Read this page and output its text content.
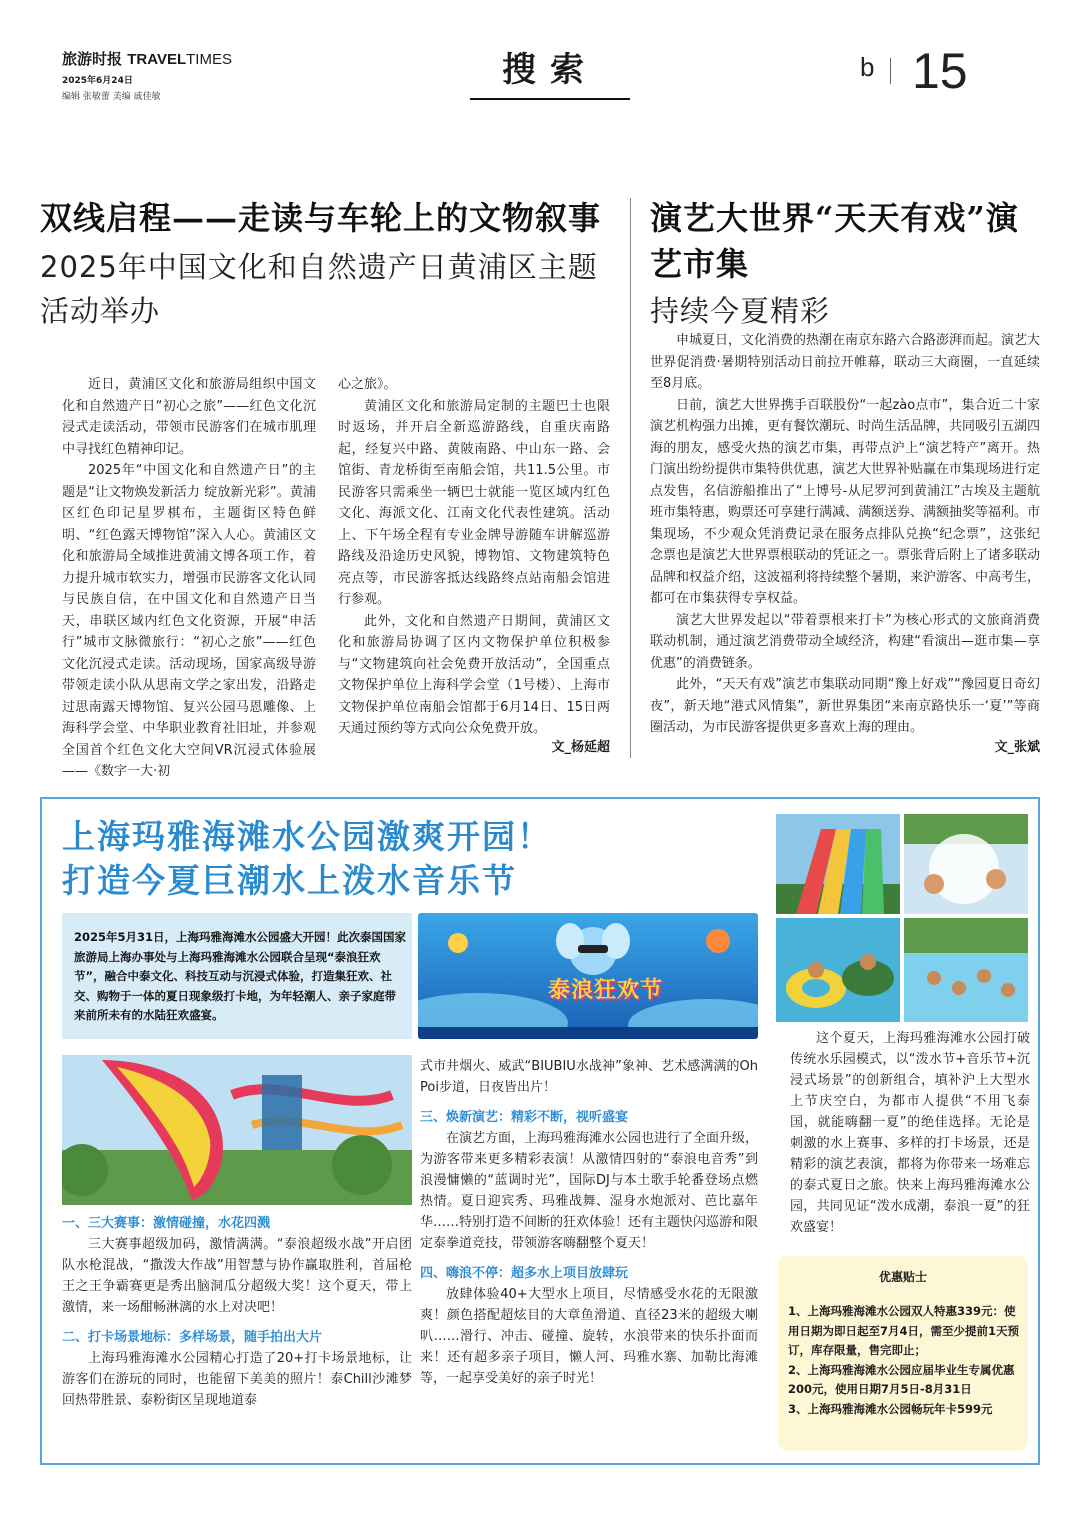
旅游时报 TRAVELTIMES
2025年6月24日
编辑 张敏蕾 美编 戚佳敏
搜索	b 15
双线启程——走读与车轮上的文物叙事
2025年中国文化和自然遗产日黄浦区主题活动举办

近日，黄浦区文化和旅游局组织中国文化和自然遗产日“初心之旅”——红色文化沉浸式走读活动，带领市民游客们在城市肌理中寻找红色精神印记。

2025年“中国文化和自然遗产日”的主题是“让文物焕发新活力 绽放新光彩”。黄浦区红色印记星罗棋布，主题街区特色鲜明、“红色露天博物馆”深入人心。黄浦区文化和旅游局全域推进黄浦文博各项工作，着力提升城市软实力，增强市民游客文化认同与民族自信，在中国文化和自然遗产日当天，串联区域内红色文化资源，开展“申活行”城市文脉微旅行：“初心之旅”——红色文化沉浸式走读。活动现场，国家高级导游带领走读小队从思南文学之家出发，沿路走过思南露天博物馆、复兴公园马恩雕像、上海科学会堂、中华职业教育社旧址，并参观全国首个红色文化大空间VR沉浸式体验展——《数字一大·初

心之旅》。

黄浦区文化和旅游局定制的主题巴士也限时返场，并开启全新巡游路线，自重庆南路起，经复兴中路、黄陂南路、中山东一路、会馆街、青龙桥街至南船会馆，共11.5公里。市民游客只需乘坐一辆巴士就能一览区域内红色文化、海派文化、江南文化代表性建筑。活动上、下午场全程有专业金牌导游随车讲解巡游路线及沿途历史风貌，博物馆、文物建筑特色亮点等，市民游客抵达线路终点站南船会馆进行参观。

此外，文化和自然遗产日期间，黄浦区文化和旅游局协调了区内文物保护单位积极参与“文物建筑向社会免费开放活动”，全国重点文物保护单位上海科学会堂（1号楼）、上海市文物保护单位南船会馆都于6月14日、15日两天通过预约等方式向公众免费开放。

文_杨延超
演艺大世界“天天有戏”演艺市集
持续今夏精彩

申城夏日，文化消费的热潮在南京东路六合路澎湃而起。演艺大世界促消费·暑期特别活动日前拉开帷幕，联动三大商圈，一直延续至8月底。

日前，演艺大世界携手百联股份“一起zào点市”，集合近二十家演艺机构强力出摊，更有餐饮潮玩、时尚生活品牌，共同吸引五湖四海的朋友，感受火热的演艺市集，再带点沪上“演艺特产”离开。热门演出纷纷提供市集特供优惠，演艺大世界补贴赢在市集现场进行定点发售，名信游船推出了“上博号-从尼罗河到黄浦江”古埃及主题航班市集特惠，购票还可享建行满减、满额送券、满额抽奖等福利。市集现场，不少观众凭消费记录在服务点排队兑换“纪念票”，这张纪念票也是演艺大世界票根联动的凭证之一。票张背后附上了诸多联动品牌和权益介绍，这波福利将持续整个暑期，来沪游客、中高考生，都可在市集获得专享权益。

演艺大世界发起以“带着票根来打卡”为核心形式的文旅商消费联动机制，通过演艺消费带动全域经济，构建“看演出—逛市集—享优惠”的消费链条。

此外，“天天有戏”演艺市集联动同期“豫上好戏”“豫园夏日奇幻夜”，新天地“港式风情集”，新世界集团“来南京路快乐一‘夏’”等商圈活动，为市民游客提供更多喜欢上海的理由。

文_张斌
上海玛雅海滩水公园激爽开园！
打造今夏巨潮水上泼水音乐节
2025年5月31日，上海玛雅海滩水公园盛大开园！此次泰国国家旅游局上海办事处与上海玛雅海滩水公园联合呈现“泰浪狂欢节”，融合中泰文化、科技互动与沉浸式体验，打造集狂欢、社交、购物于一体的夏日现象级打卡地，为年轻潮人、亲子家庭带来前所未有的水陆狂欢盛宴。
泰浪狂欢节
一、三大赛事：激情碰撞，水花四溅

三大赛事超级加码，激情满满。“泰浪超级水战”开启团队水枪混战，“撒泼大作战”用智慧与协作赢取胜利，首届枪王之王争霸赛更是秀出脑洞瓜分超级大奖！这个夏天，带上激情，来一场酣畅淋漓的水上对决吧！

二、打卡场景地标：多样场景，随手拍出大片

上海玛雅海滩水公园精心打造了20+打卡场景地标，让游客们在游玩的同时，也能留下美美的照片！泰Chill沙滩梦回热带胜景、泰粉街区呈现地道泰

式市井烟火、威武“BIUBIU水战神”象神、艺术感满满的Oh Poi步道，日夜皆出片！

三、焕新演艺：精彩不断，视听盛宴

在演艺方面，上海玛雅海滩水公园也进行了全面升级，为游客带来更多精彩表演！从激情四射的“泰浪电音秀”到浪漫慵懒的“蓝调时光”，国际DJ与本土歌手轮番登场点燃热情。夏日迎宾秀、玛雅战舞、湿身水炮派对、芭比嘉年华……特别打造不间断的狂欢体验！还有主题快闪巡游和限定泰拳道竞技，带领游客嗨翻整个夏天！

四、嗨浪不停：超多水上项目放肆玩

放肆体验40+大型水上项目，尽情感受水花的无限激爽！颜色搭配超炫目的大章鱼滑道、直径23米的超级大喇叭……滑行、冲击、碰撞、旋转，水浪带来的快乐扑面而来！还有超多亲子项目，懒人河、玛雅水寨、加勒比海滩等，一起享受美好的亲子时光！

这个夏天，上海玛雅海滩水公园打破传统水乐园模式，以“泼水节+音乐节+沉浸式场景”的创新组合，填补沪上大型水上节庆空白，为都市人提供“不用飞泰国，就能嗨翻一夏”的绝佳选择。无论是刺激的水上赛事、多样的打卡场景，还是精彩的演艺表演，都将为你带来一场难忘的泰式夏日之旅。快来上海玛雅海滩水公园，共同见证“泼水成潮，泰浪一夏”的狂欢盛宴！

优惠贴士
1、上海玛雅海滩水公园双人特惠339元：使用日期为即日起至7月4日，需至少提前1天预订，库存限量，售完即止；
2、上海玛雅海滩水公园应届毕业生专属优惠200元，使用日期7月5日-8月31日
3、上海玛雅海滩水公园畅玩年卡599元
